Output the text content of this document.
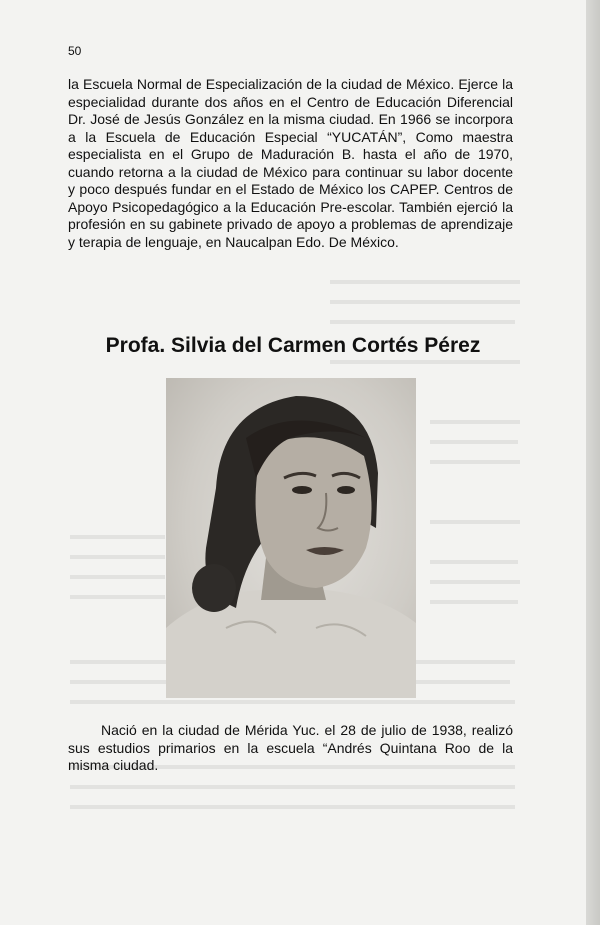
50

la Escuela Normal de Especialización de la ciudad de México. Ejerce la especialidad durante dos años en el Centro de Educación Diferencial Dr. José de Jesús González en la misma ciudad. En 1966 se incorpora a la Escuela de Educación Especial “YUCATÁN”, Como maestra especialista en el Grupo de Maduración B. hasta el año de 1970, cuando retorna a la ciudad de México para continuar su labor docente y poco después fundar en el Estado de México los CAPEP. Centros de Apoyo Psicopedagógico a la Educación Pre-escolar. También ejerció la profesión en su gabinete privado de apoyo a problemas de aprendizaje y terapia de lenguaje, en Naucalpan Edo. De México.

Profa. Silvia del Carmen Cortés Pérez

Nació en la ciudad de Mérida Yuc. el 28 de julio de 1938, realizó sus estudios primarios en la escuela “Andrés Quintana Roo de la misma ciudad.
